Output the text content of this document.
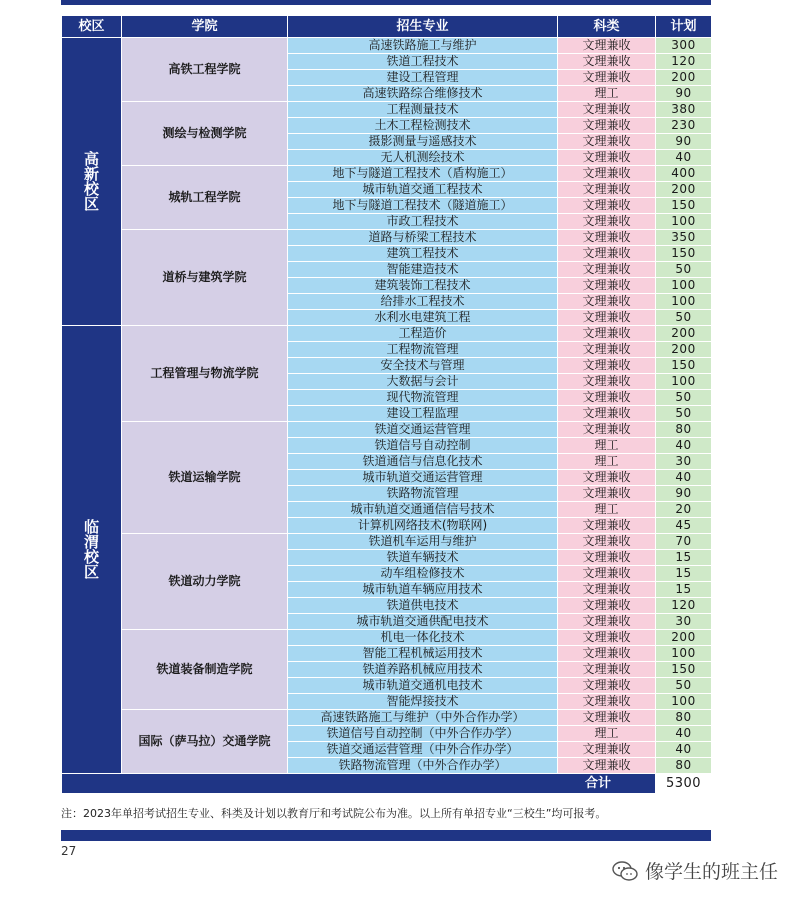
校区	学院	招生专业	科类	计划
高新校区	高铁工程学院	高速铁路施工与维护	文理兼收	300
		铁道工程技术	文理兼收	120
		建设工程管理	文理兼收	200
		高速铁路综合维修技术	理工	90
	测绘与检测学院	工程测量技术	文理兼收	380
		土木工程检测技术	文理兼收	230
		摄影测量与遥感技术	文理兼收	90
		无人机测绘技术	文理兼收	40
	城轨工程学院	地下与隧道工程技术（盾构施工）	文理兼收	400
		城市轨道交通工程技术	文理兼收	200
		地下与隧道工程技术（隧道施工）	文理兼收	150
		市政工程技术	文理兼收	100
	道桥与建筑学院	道路与桥梁工程技术	文理兼收	350
		建筑工程技术	文理兼收	150
		智能建造技术	文理兼收	50
		建筑装饰工程技术	文理兼收	100
		给排水工程技术	文理兼收	100
		水利水电建筑工程	文理兼收	50
临渭校区	工程管理与物流学院	工程造价	文理兼收	200
		工程物流管理	文理兼收	200
		安全技术与管理	文理兼收	150
		大数据与会计	文理兼收	100
		现代物流管理	文理兼收	50
		建设工程监理	文理兼收	50
	铁道运输学院	铁道交通运营管理	文理兼收	80
		铁道信号自动控制	理工	40
		铁道通信与信息化技术	理工	30
		城市轨道交通运营管理	文理兼收	40
		铁路物流管理	文理兼收	90
		城市轨道交通通信信号技术	理工	20
		计算机网络技术(物联网)	文理兼收	45
	铁道动力学院	铁道机车运用与维护	文理兼收	70
		铁道车辆技术	文理兼收	15
		动车组检修技术	文理兼收	15
		城市轨道车辆应用技术	文理兼收	15
		铁道供电技术	文理兼收	120
		城市轨道交通供配电技术	文理兼收	30
	铁道装备制造学院	机电一体化技术	文理兼收	200
		智能工程机械运用技术	文理兼收	100
		铁道养路机械应用技术	文理兼收	150
		城市轨道交通机电技术	文理兼收	50
		智能焊接技术	文理兼收	100
	国际（萨马拉）交通学院	高速铁路施工与维护（中外合作办学）	文理兼收	80
		铁道信号自动控制（中外合作办学）	理工	40
		铁道交通运营管理（中外合作办学）	文理兼收	40
		铁路物流管理（中外合作办学）	文理兼收	80
合计				5300
注：2023年单招考试招生专业、科类及计划以教育厅和考试院公布为准。以上所有单招专业“三校生”均可报考。
27
像学生的班主任
